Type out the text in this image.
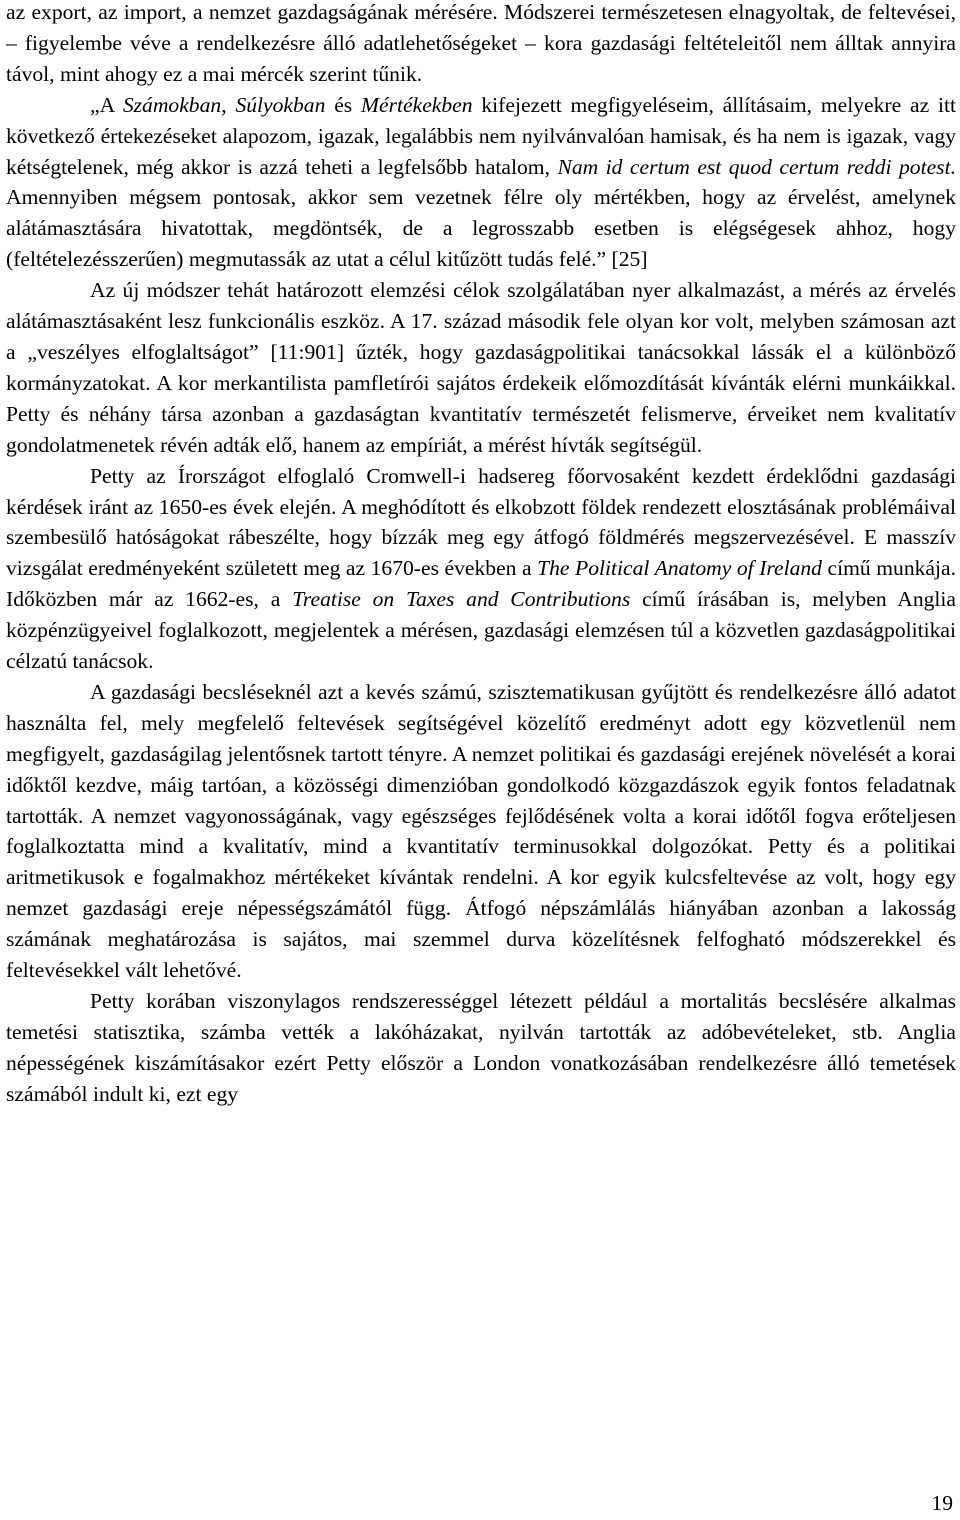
az export, az import, a nemzet gazdagságának mérésére. Módszerei természetesen elnagyoltak, de feltevései, – figyelembe véve a rendelkezésre álló adatlehetőségeket – kora gazdasági feltételeitől nem álltak annyira távol, mint ahogy ez a mai mércék szerint tűnik.

„A Számokban, Súlyokban és Mértékekben kifejezett megfigyeléseim, állításaim, melyekre az itt következő értekezéseket alapozom, igazak, legalábbis nem nyilvánvalóan hamisak, és ha nem is igazak, vagy kétségtelenek, még akkor is azzá teheti a legfelsőbb hatalom, Nam id certum est quod certum reddi potest. Amennyiben mégsem pontosak, akkor sem vezetnek félre oly mértékben, hogy az érvelést, amelynek alátámasztására hivatottak, megdöntsék, de a legrosszabb esetben is elégségesek ahhoz, hogy (feltételezésszerűen) megmutassák az utat a célul kitűzött tudás felé.” [25]

Az új módszer tehát határozott elemzési célok szolgálatában nyer alkalmazást, a mérés az érvelés alátámasztásaként lesz funkcionális eszköz. A 17. század második fele olyan kor volt, melyben számosan azt a „veszélyes elfoglaltságot” [11:901] űzték, hogy gazdaságpolitikai tanácsokkal lássák el a különböző kormányzatokat. A kor merkantilista pamfletírói sajátos érdekeik előmozdítását kívánták elérni munkáikkal. Petty és néhány társa azonban a gazdaságtan kvantitatív természetét felismerve, érveiket nem kvalitatív gondolatmenetek révén adták elő, hanem az empíriát, a mérést hívták segítségül.

Petty az Írországot elfoglaló Cromwell-i hadsereg főorvosaként kezdett érdeklődni gazdasági kérdések iránt az 1650-es évek elején. A meghódított és elkobzott földek rendezett elosztásának problémáival szembesülő hatóságokat rábeszélte, hogy bízzák meg egy átfogó földmérés megszervezésével. E masszív vizsgálat eredményeként született meg az 1670-es években a The Political Anatomy of Ireland című munkája. Időközben már az 1662-es, a Treatise on Taxes and Contributions című írásában is, melyben Anglia közpénzügyeivel foglalkozott, megjelentek a mérésen, gazdasági elemzésen túl a közvetlen gazdaságpolitikai célzatú tanácsok.

A gazdasági becsléseknél azt a kevés számú, szisztematikusan gyűjtött és rendelkezésre álló adatot használta fel, mely megfelelő feltevések segítségével közelítő eredményt adott egy közvetlenül nem megfigyelt, gazdaságilag jelentősnek tartott tényre. A nemzet politikai és gazdasági erejének növelését a korai időktől kezdve, máig tartóan, a közösségi dimenzióban gondolkodó közgazdászok egyik fontos feladatnak tartották. A nemzet vagyonosságának, vagy egészséges fejlődésének volta a korai időtől fogva erőteljesen foglalkoztatta mind a kvalitatív, mind a kvantitatív terminusokkal dolgozókat. Petty és a politikai aritmetikusok e fogalmakhoz mértékeket kívántak rendelni. A kor egyik kulcsfeltevése az volt, hogy egy nemzet gazdasági ereje népességszámától függ. Átfogó népszámlálás hiányában azonban a lakosság számának meghatározása is sajátos, mai szemmel durva közelítésnek felfogható módszerekkel és feltevésekkel vált lehetővé.

Petty korában viszonylagos rendszerességgel létezett például a mortalitás becslésére alkalmas temetési statisztika, számba vették a lakóházakat, nyilván tartották az adóbevételeket, stb. Anglia népességének kiszámításakor ezért Petty először a London vonatkozásában rendelkezésre álló temetések számából indult ki, ezt egy

19
